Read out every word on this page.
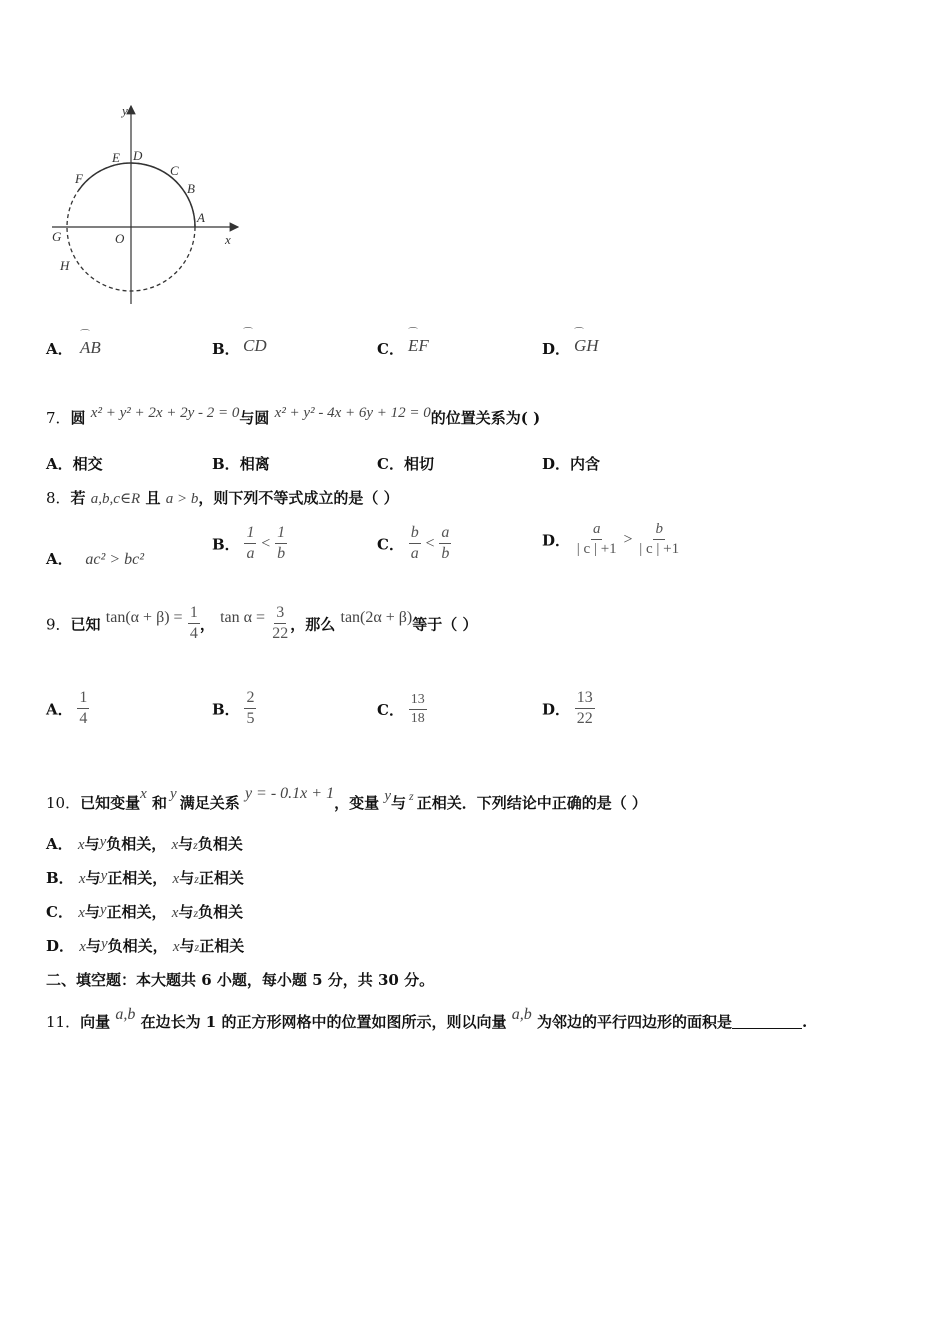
y
x
O
A
B
C
D
E
F
G
H
A．
⌒
AB	B．
⌒
CD	C．
⌒
EF	D．
⌒
GH
7．圆 x² + y² + 2x + 2y - 2 = 0与圆 x² + y² - 4x + 6y + 12 = 0的位置关系为( )
A．相交	B．相离	C．相切	D．内含
8．若 a,b,c∈R 且 a > b，则下列不等式成立的是（ ）
A． ac² > bc²
B． $\frac{1}{a} < \frac{1}{b}$	C． $\frac{b}{a} < \frac{a}{b}$	D． $\frac{a}{| c | +1} > \frac{b}{| c | +1}$
9．已知 $\tan(\alpha + \beta) = \frac{1}{4}$ ， $\tan \alpha = \frac{3}{22}$ ，那么 tan(2α + β)等于（ ）
A． $\frac{1}{4}$	B． $\frac{2}{5}$	C． $\frac{13}{18}$	D． $\frac{13}{22}$
10．已知变量x 和 y 满足关系 y = - 0.1x + 1，变量 y与 $^z$ 正相关．下列结论中正确的是（ ）
A． x与y负相关， x与z负相关
B． x与y正相关， x与z正相关
C． x与y正相关， x与z负相关
D． x与y负相关， x与z正相关
二、填空题：本大题共 6 小题，每小题 5 分，共 30 分。
11．向量 a,b 在边长为 1 的正方形网格中的位置如图所示，则以向量 a,b 为邻边的平行四边形的面积是	.
